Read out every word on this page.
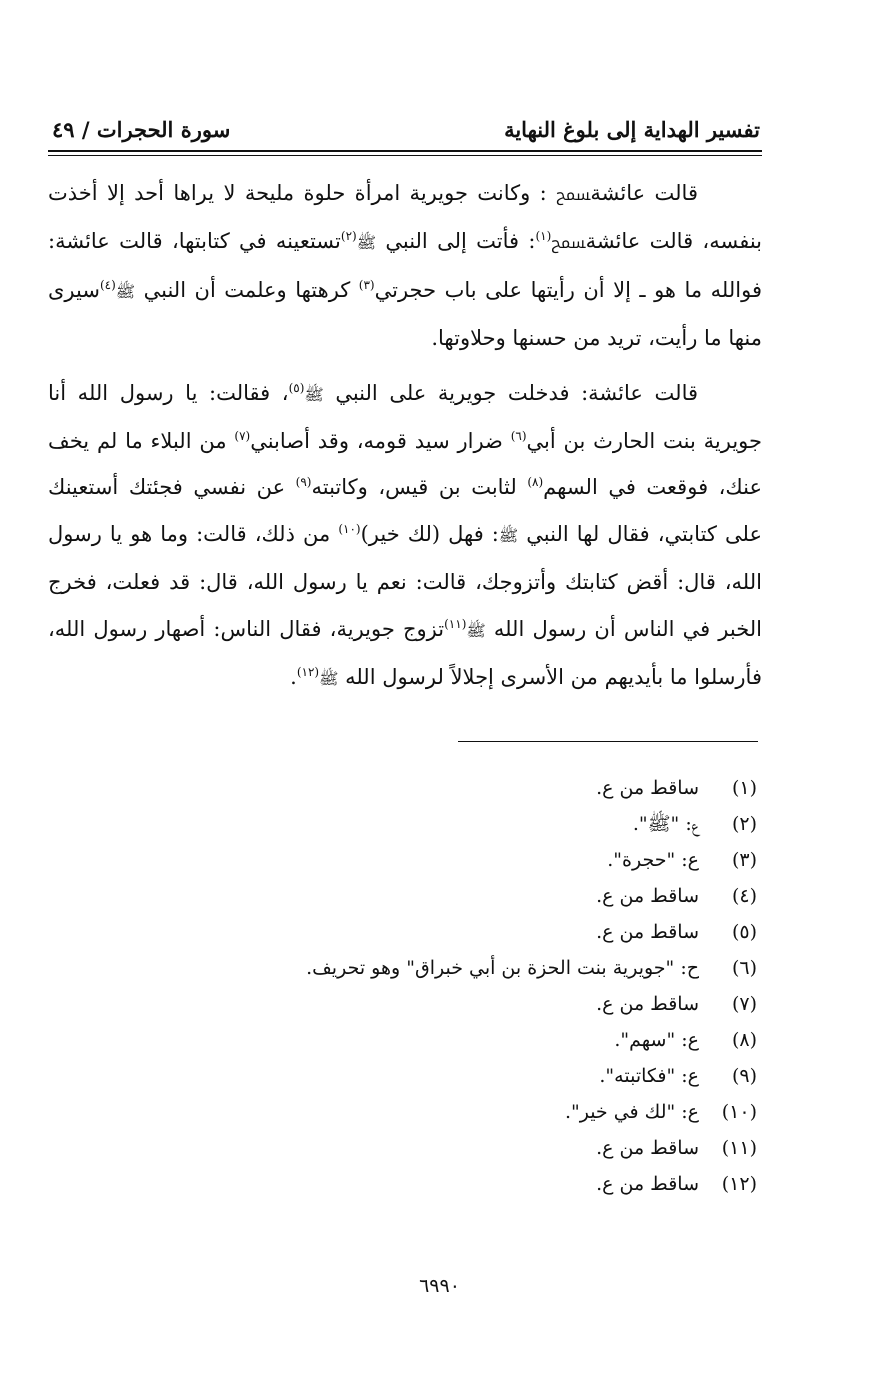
تفسير الهداية إلى بلوغ النهاية
سورة الحجرات / ٤٩

قالت عائشةﵟ : وكانت جويرية امرأة حلوة مليحة لا يراها أحد إلا أخذت بنفسه، قالت عائشةﵟ$^{(١)}$: فأتت إلى النبي ﷺ$^{(٢)}$تستعينه في كتابتها، قالت عائشة: فوالله ما هو ـ إلا أن رأيتها على باب حجرتي$^{(٣)}$ كرهتها وعلمت أن النبي ﷺ$^{(٤)}$سيرى منها ما رأيت، تريد من حسنها وحلاوتها.

قالت عائشة: فدخلت جويرية على النبي ﷺ$^{(٥)}$، فقالت: يا رسول الله أنا جويرية بنت الحارث بن أبي$^{(٦)}$ ضرار سيد قومه، وقد أصابني$^{(٧)}$ من البلاء ما لم يخف عنك، فوقعت في السهم$^{(٨)}$ لثابت بن قيس، وكاتبته$^{(٩)}$ عن نفسي فجئتك أستعينك على كتابتي، فقال لها النبي ﷺ: فهل (لك خير)$^{(١٠)}$ من ذلك، قالت: وما هو يا رسول الله، قال: أقض كتابتك وأتزوجك، قالت: نعم يا رسول الله، قال: قد فعلت، فخرج الخبر في الناس أن رسول الله ﷺ$^{(١١)}$تزوج جويرية، فقال الناس: أصهار رسول الله، فأرسلوا ما بأيديهم من الأسرى إجلالاً لرسول الله ﷺ$^{(١٢)}$.

(١)ساقط من ع.
(٢)ع: "ﷺ".
(٣)ع: "حجرة".
(٤)ساقط من ع.
(٥)ساقط من ع.
(٦)ح: "جويرية بنت الحزة بن أبي خبراق" وهو تحريف.
(٧)ساقط من ع.
(٨)ع: "سهم".
(٩)ع: "فكاتبته".
(١٠)ع: "لك في خير".
(١١)ساقط من ع.
(١٢)ساقط من ع.
٦٩٩٠
